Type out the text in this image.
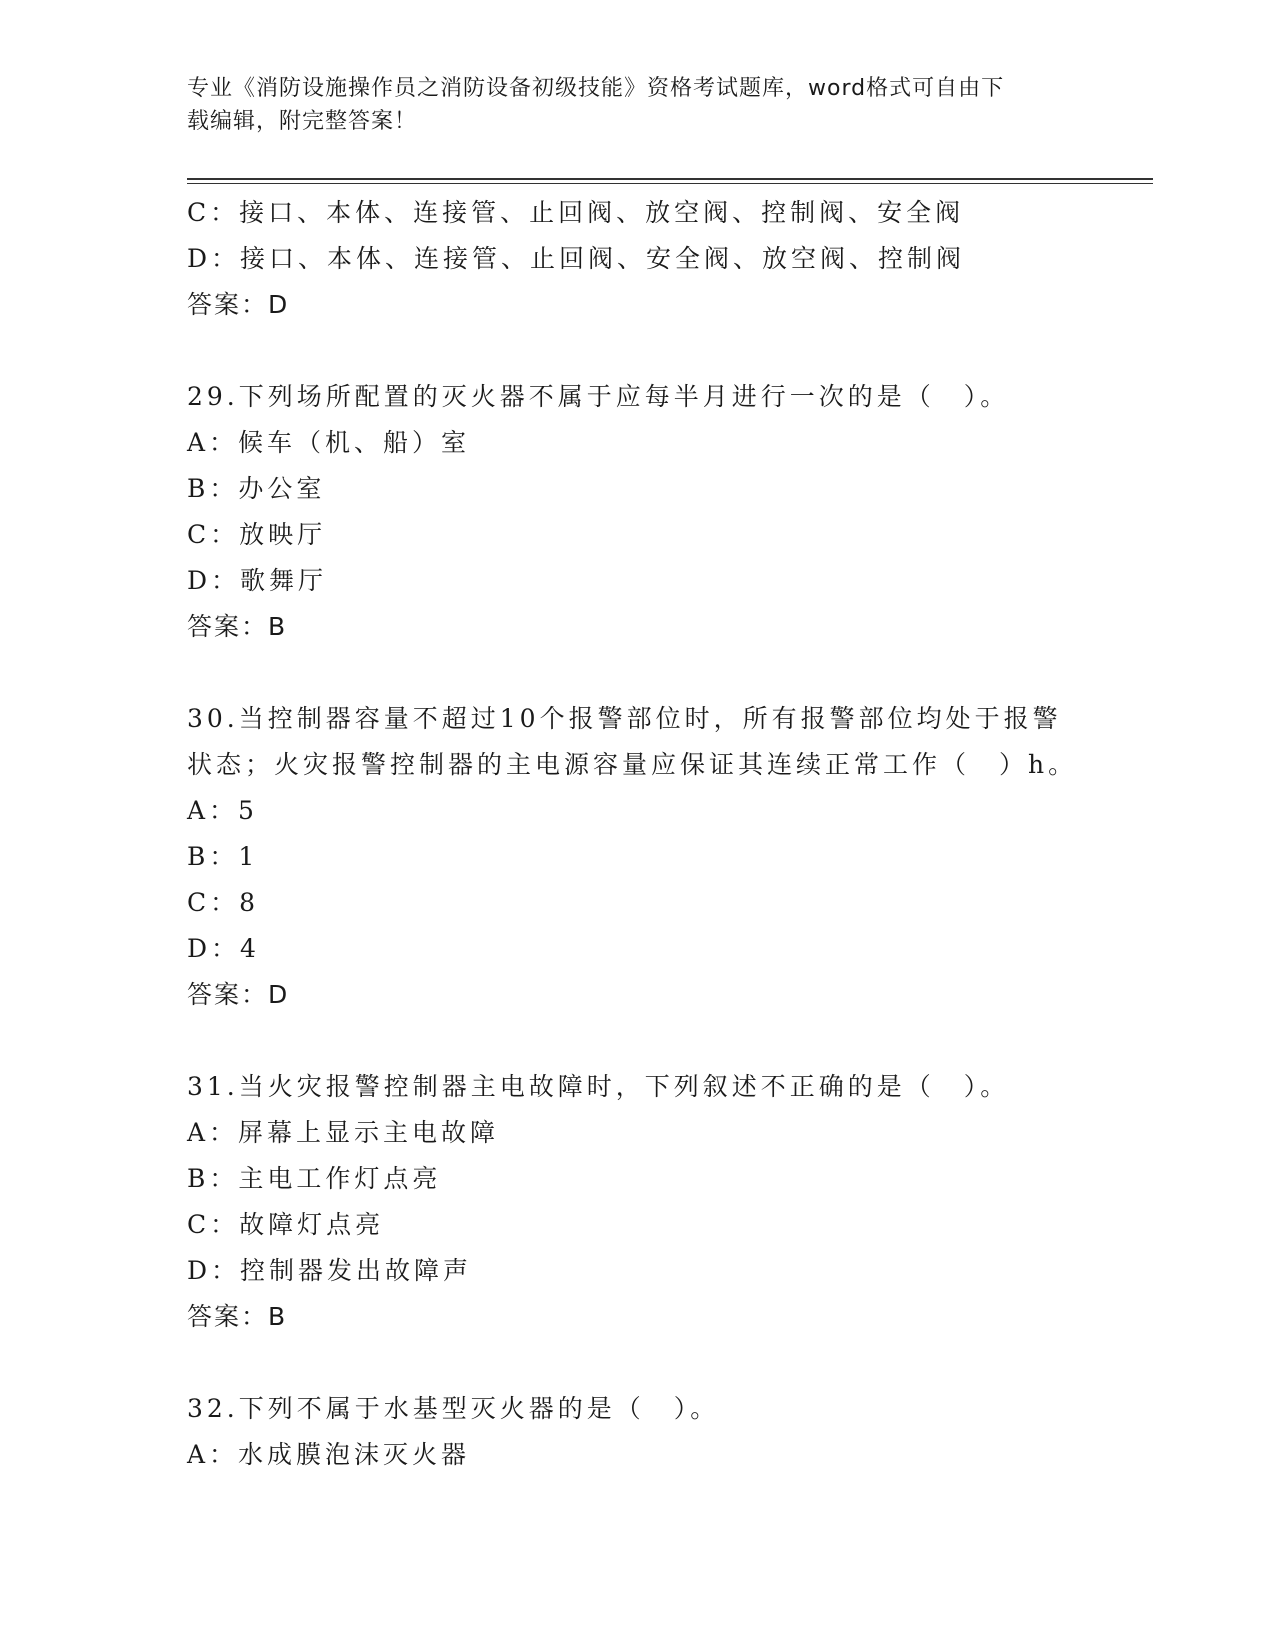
专业《消防设施操作员之消防设备初级技能》资格考试题库，word格式可自由下
载编辑，附完整答案！
C：接口、本体、连接管、止回阀、放空阀、控制阀、安全阀
D：接口、本体、连接管、止回阀、安全阀、放空阀、控制阀
答案：D
29.下列场所配置的灭火器不属于应每半月进行一次的是（　）。
A：候车（机、船）室
B：办公室
C：放映厅
D：歌舞厅
答案：B
30.当控制器容量不超过10个报警部位时，所有报警部位均处于报警
状态；火灾报警控制器的主电源容量应保证其连续正常工作（　）h。
A：5
B：1
C：8
D：4
答案：D
31.当火灾报警控制器主电故障时，下列叙述不正确的是（　）。
A：屏幕上显示主电故障
B：主电工作灯点亮
C：故障灯点亮
D：控制器发出故障声
答案：B
32.下列不属于水基型灭火器的是（　）。
A：水成膜泡沫灭火器
